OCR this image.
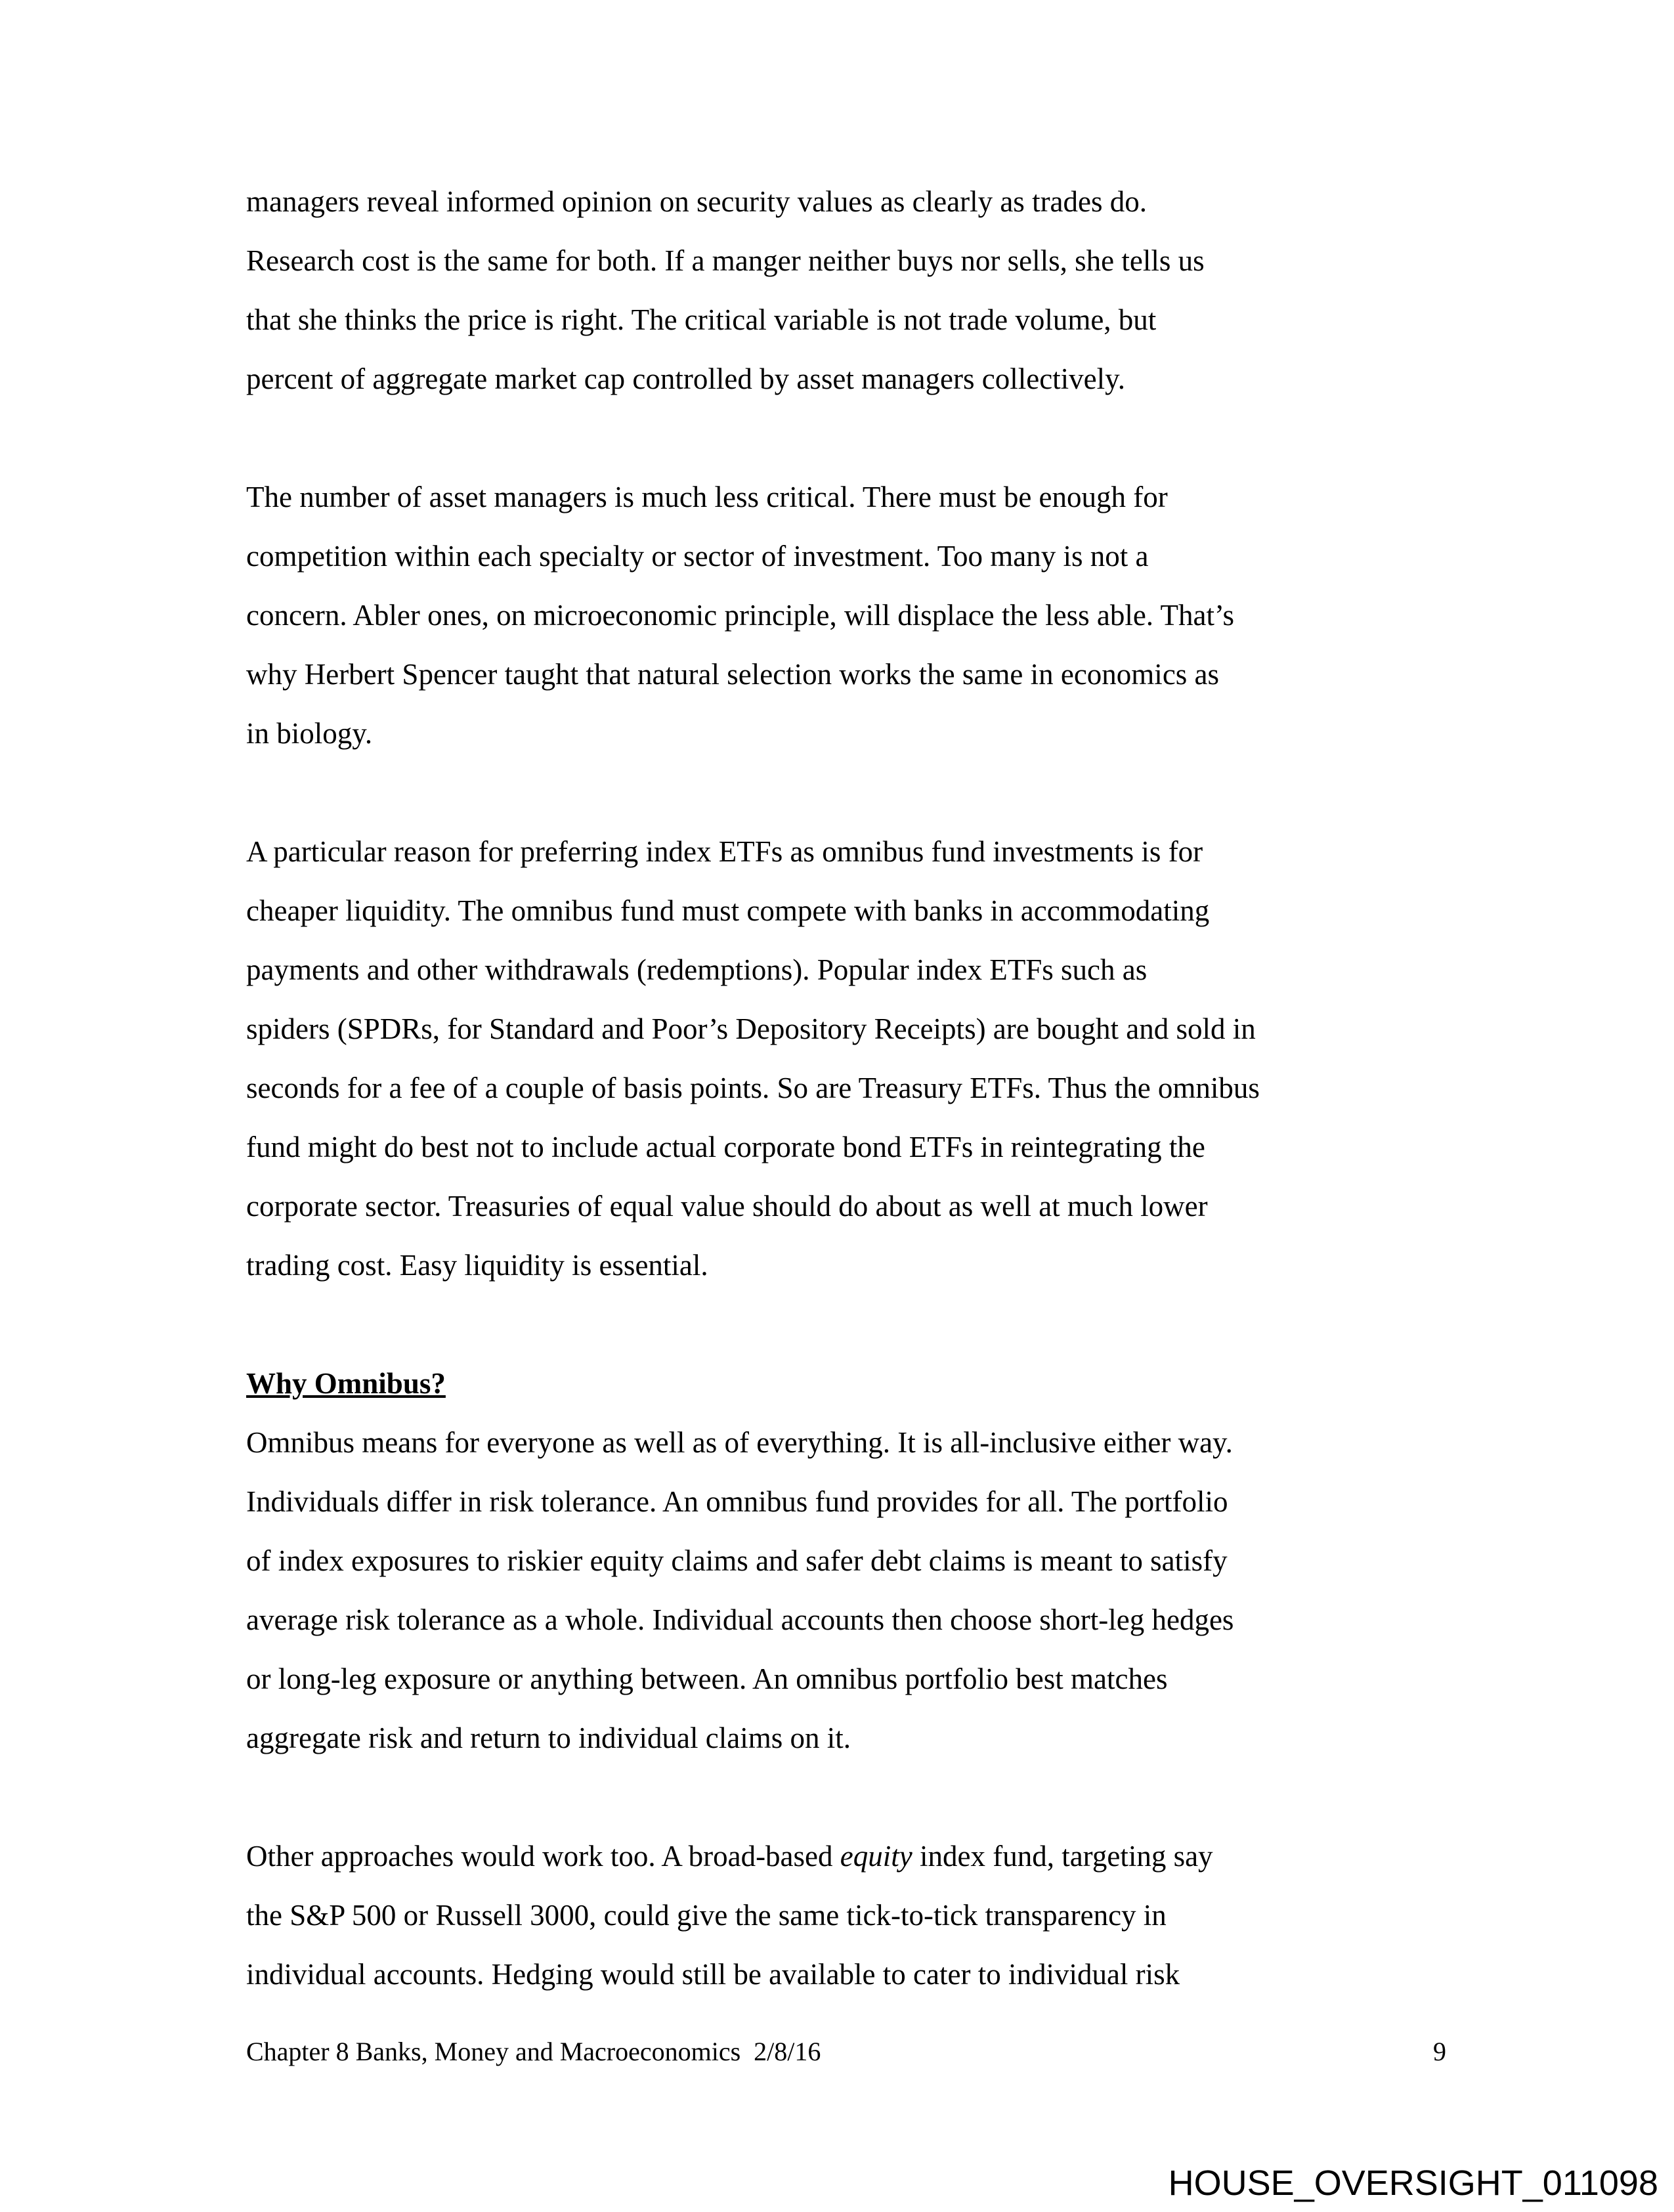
managers reveal informed opinion on security values as clearly as trades do.
Research cost is the same for both. If a manger neither buys nor sells, she tells us
that she thinks the price is right. The critical variable is not trade volume, but
percent of aggregate market cap controlled by asset managers collectively.
The number of asset managers is much less critical. There must be enough for
competition within each specialty or sector of investment. Too many is not a
concern. Abler ones, on microeconomic principle, will displace the less able. That’s
why Herbert Spencer taught that natural selection works the same in economics as
in biology.
A particular reason for preferring index ETFs as omnibus fund investments is for
cheaper liquidity. The omnibus fund must compete with banks in accommodating
payments and other withdrawals (redemptions). Popular index ETFs such as
spiders (SPDRs, for Standard and Poor’s Depository Receipts) are bought and sold in
seconds for a fee of a couple of basis points. So are Treasury ETFs. Thus the omnibus
fund might do best not to include actual corporate bond ETFs in reintegrating the
corporate sector. Treasuries of equal value should do about as well at much lower
trading cost. Easy liquidity is essential.
Why Omnibus?
Omnibus means for everyone as well as of everything. It is all-inclusive either way.
Individuals differ in risk tolerance. An omnibus fund provides for all. The portfolio
of index exposures to riskier equity claims and safer debt claims is meant to satisfy
average risk tolerance as a whole. Individual accounts then choose short-leg hedges
or long-leg exposure or anything between. An omnibus portfolio best matches
aggregate risk and return to individual claims on it.
Other approaches would work too. A broad-based equity index fund, targeting say
the S&P 500 or Russell 3000, could give the same tick-to-tick transparency in
individual accounts. Hedging would still be available to cater to individual risk
Chapter 8 Banks, Money and Macroeconomics  2/8/16	9
HOUSE_OVERSIGHT_011098
